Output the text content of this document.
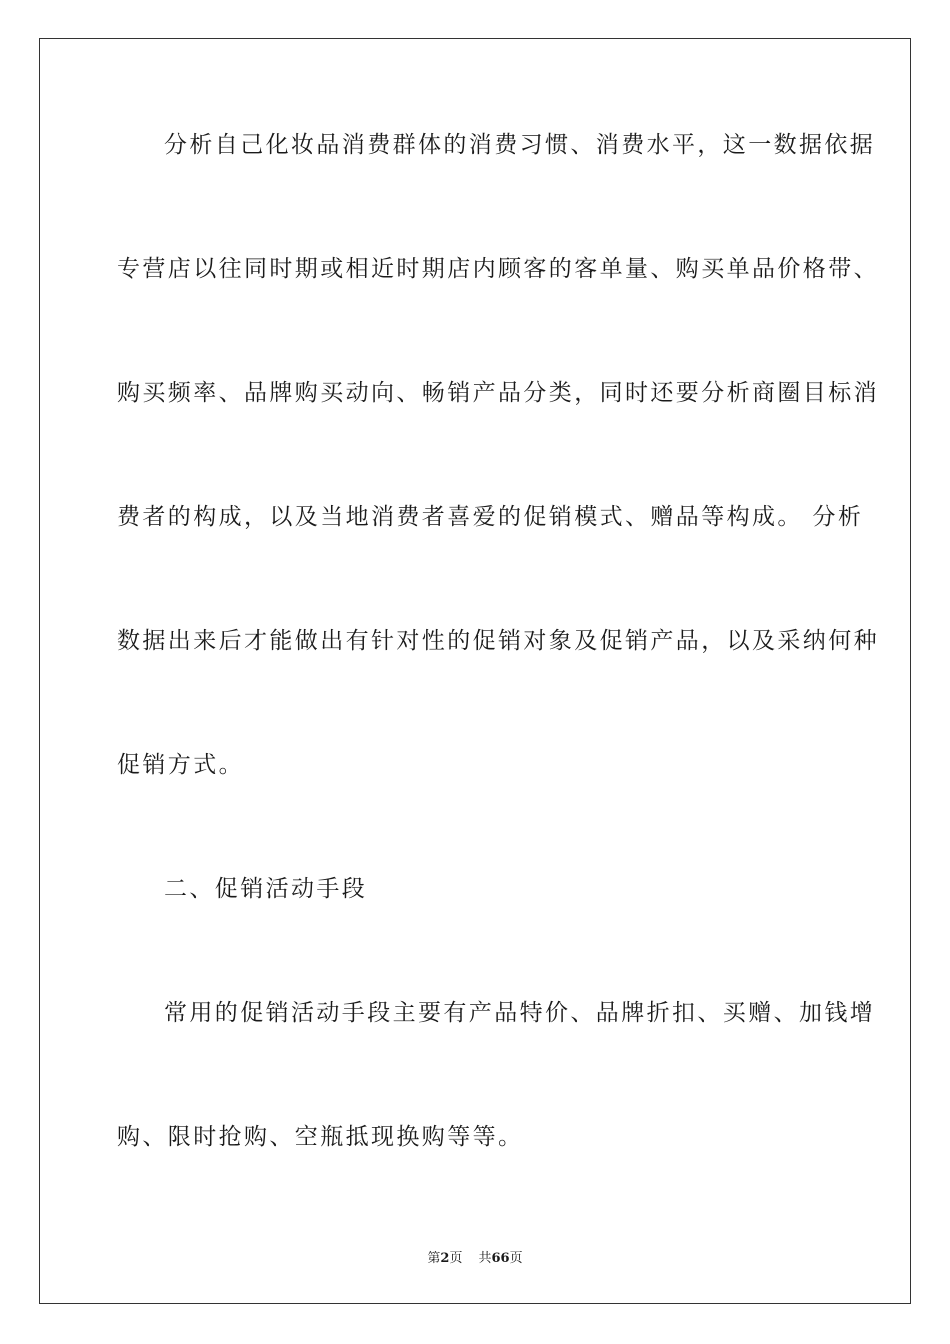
分析自己化妆品消费群体的消费习惯、消费水平，这一数据依据
专营店以往同时期或相近时期店内顾客的客单量、购买单品价格带、
购买频率、品牌购买动向、畅销产品分类，同时还要分析商圈目标消
费者的构成，以及当地消费者喜爱的促销模式、赠品等构成。 分析
数据出来后才能做出有针对性的促销对象及促销产品，以及采纳何种
促销方式。
二、促销活动手段
常用的促销活动手段主要有产品特价、品牌折扣、买赠、加钱增
购、限时抢购、空瓶抵现换购等等。
第2页 共66页
